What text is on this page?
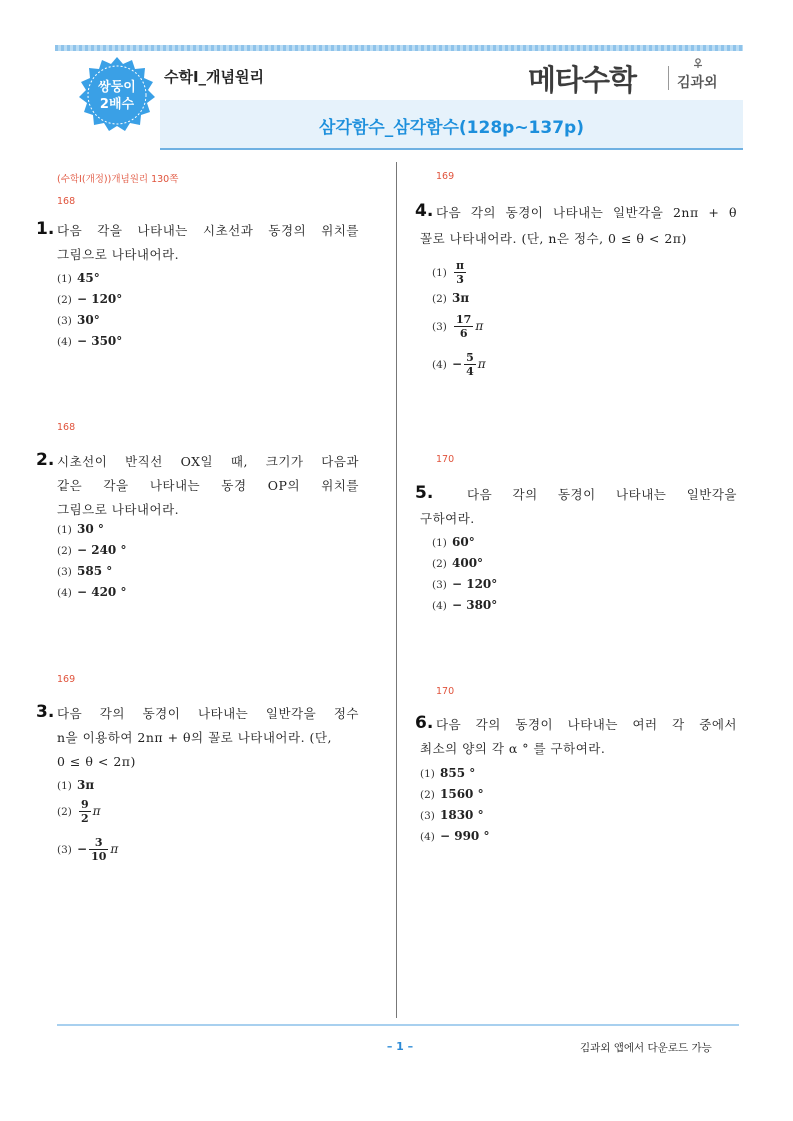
쌍둥이
2배수
수학Ⅰ_개념원리	메타수학	김과외
삼각함수_삼각함수(128p~137p)
(수학I(개정))개념원리 130쪽
168
1. 다음 각을 나타내는 시초선과 동경의 위치를
그림으로 나타내어라.
(1) 45°
(2) − 120°
(3) 30°
(4) − 350°
168
2. 시초선이 반직선 OX일 때, 크기가 다음과
같은 각을 나타내는 동경 OP의 위치를
그림으로 나타내어라.
(1) 30 °
(2) − 240 °
(3) 585 °
(4) − 420 °
169
3. 다음 각의 동경이 나타내는 일반각을 정수
n을 이용하여 2nπ + θ의 꼴로 나타내어라. (단,
0 ≤ θ < 2π)
(1) 3π
$(2) \frac{9}{2}$ π
$(3) - \frac{3}{10}$ π
169
4. 다음 각의 동경이 나타내는 일반각을 2nπ + θ
꼴로 나타내어라. (단, n은 정수, 0 ≤ θ < 2π)
$(1) \frac{\pi}{3}$
(2) 3π
$(3) \frac{17}{6}$ π
$(4) - \frac{5}{4}$ π
170
5.	다음 각의 동경이 나타내는 일반각을
구하여라.
(1) 60°
(2) 400°
(3) − 120°
(4) − 380°
170
6. 다음 각의 동경이 나타내는 여러 각 중에서
최소의 양의 각 α ° 를 구하여라.
(1) 855 °
(2) 1560 °
(3) 1830 °
(4) − 990 °
– 1 –	김과외 앱에서 다운로드 가능
